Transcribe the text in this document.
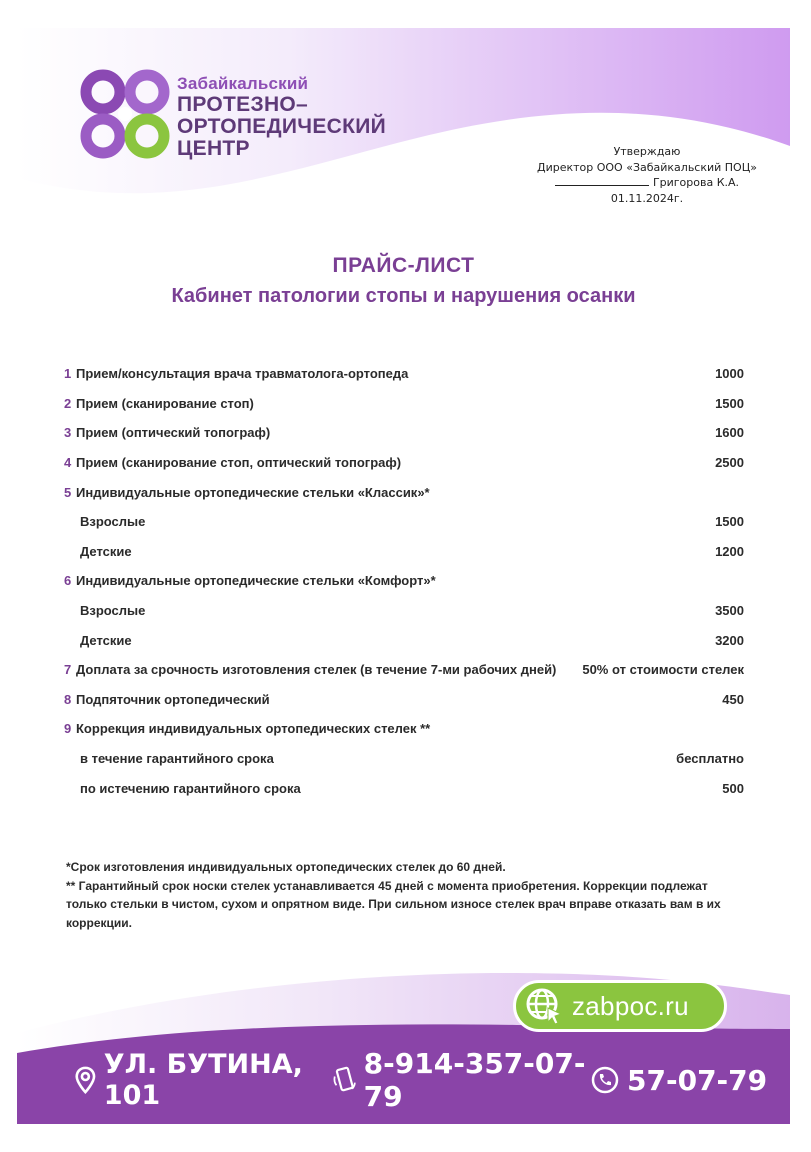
Забайкальский
ПРОТЕЗНО–
ОРТОПЕДИЧЕСКИЙ
ЦЕНТР	Утверждаю
Директор ООО «Забайкальский ПОЦ»
Григорова К.А.
01.11.2024г.
ПРАЙС-ЛИСТ
Кабинет патологии стопы и нарушения осанки
1 Прием/консультация врача травматолога-ортопеда	1000
2 Прием (сканирование стоп)	1500
3 Прием (оптический топограф)	1600
4 Прием (сканирование стоп, оптический топограф)	2500
5 Индивидуальные ортопедические стельки «Классик»*
Взрослые	1500
Детские	1200
6 Индивидуальные ортопедические стельки «Комфорт»*
Взрослые	3500
Детские	3200
7 Доплата за срочность изготовления стелек (в течение 7-ми рабочих дней)	50% от стоимости стелек
8 Подпяточник ортопедический	450
9 Коррекция индивидуальных ортопедических стелек **
в течение гарантийного срока	бесплатно
по истечению гарантийного срока	500
*Срок изготовления индивидуальных ортопедических стелек до 60 дней.
** Гарантийный срок носки стелек устанавливается 45 дней с момента приобретения. Коррекции подлежат только стельки в чистом, сухом и опрятном виде. При сильном износе стелек врач вправе отказать вам в их коррекции.
zabpoc.ru
УЛ. БУТИНА, 101
8-914-357-07-79	57-07-79
